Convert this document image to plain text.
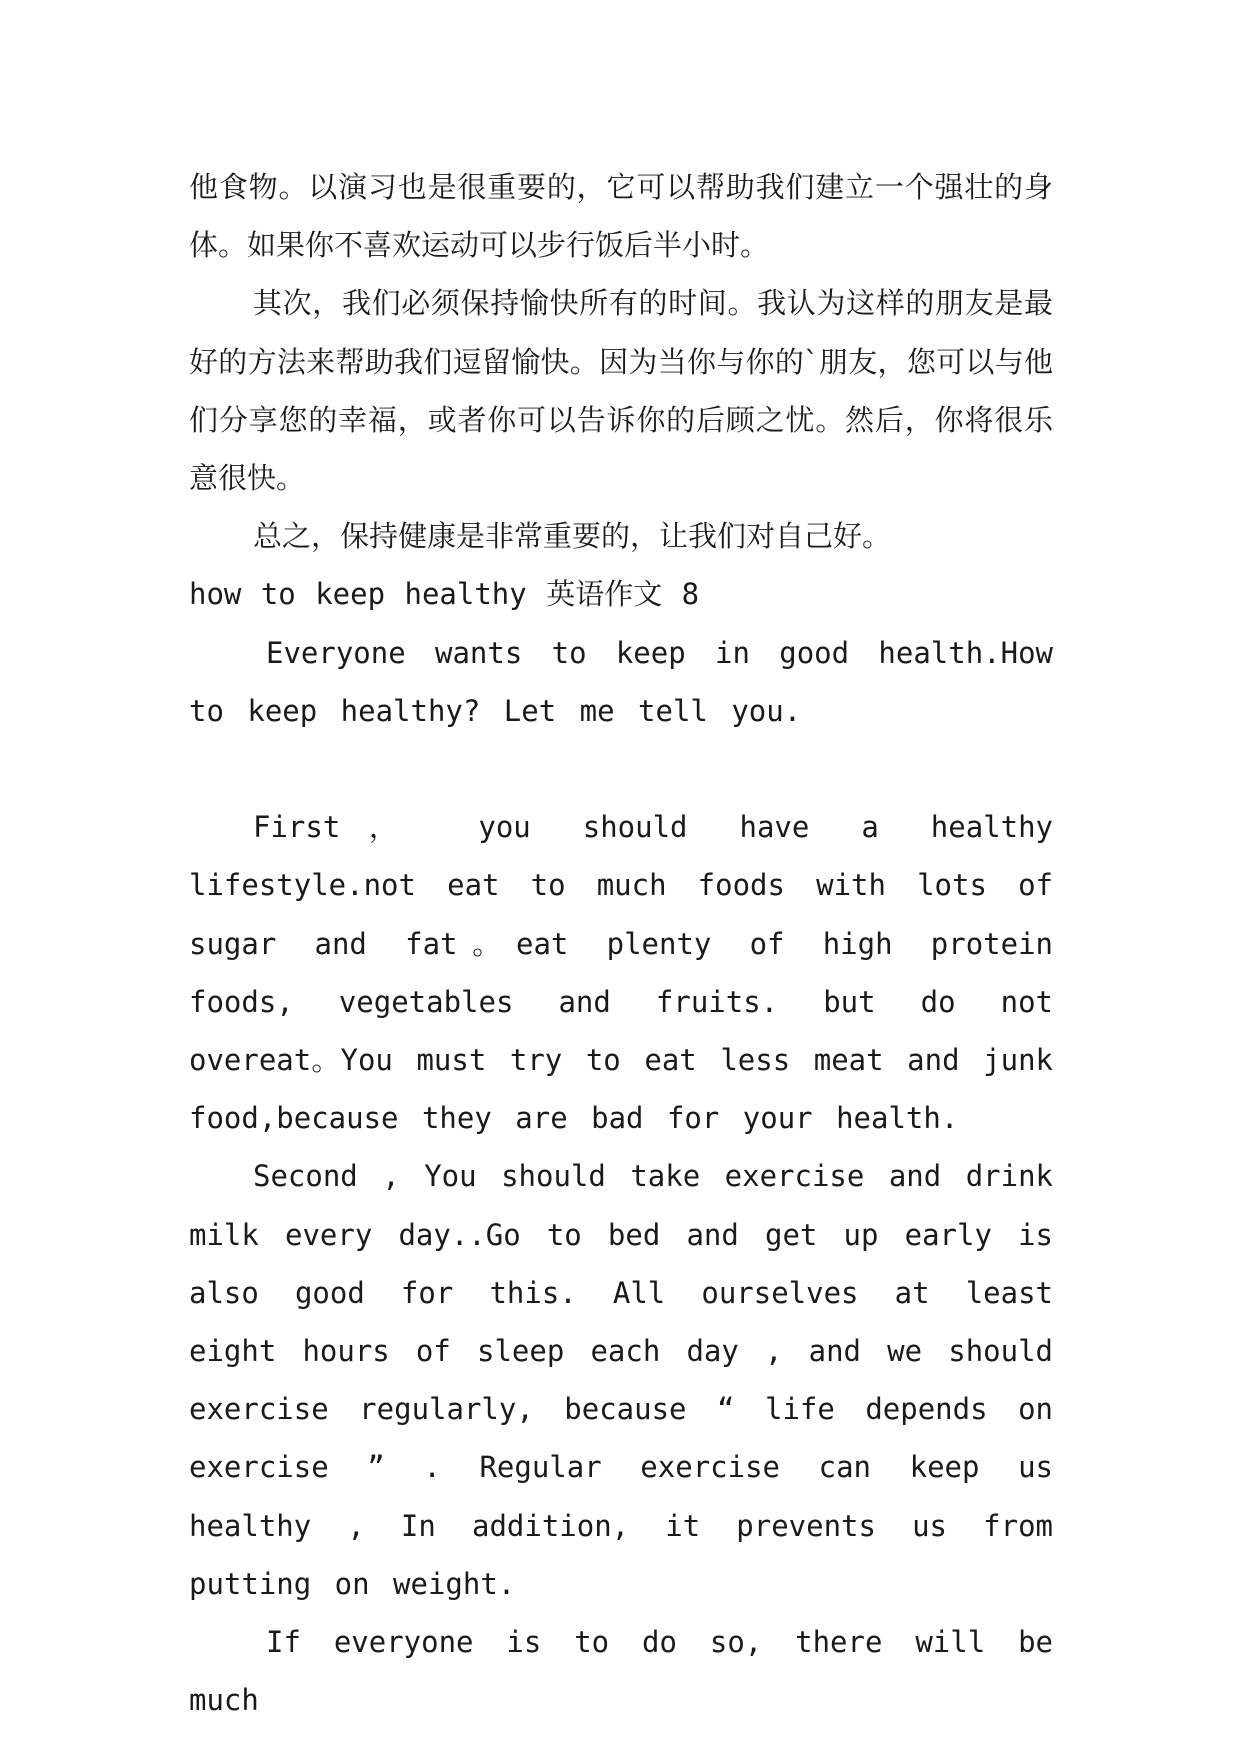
他食物。以演习也是很重要的，它可以帮助我们建立一个强壮的身体。如果你不喜欢运动可以步行饭后半小时。

其次，我们必须保持愉快所有的时间。我认为这样的朋友是最好的方法来帮助我们逗留愉快。因为当你与你的`朋友，您可以与他们分享您的幸福，或者你可以告诉你的后顾之忧。然后，你将很乐意很快。

总之，保持健康是非常重要的，让我们对自己好。

how to keep healthy 英语作文 8

Everyone wants to keep in good health.How to keep healthy? Let me tell you.

First， you should have a healthy lifestyle.not eat to much foods with lots of sugar and fat。eat plenty of high protein foods, vegetables and fruits. but do not overeat。You must try to eat less meat and junk food,because they are bad for your health.

Second , You should take exercise and drink milk every day..Go to bed and get up early is also good for this. All ourselves at least eight hours of sleep each day , and we should exercise regularly, because “ life depends on exercise ” . Regular exercise can keep us healthy , In addition, it prevents us from putting on weight.

If everyone is to do so, there will be much
